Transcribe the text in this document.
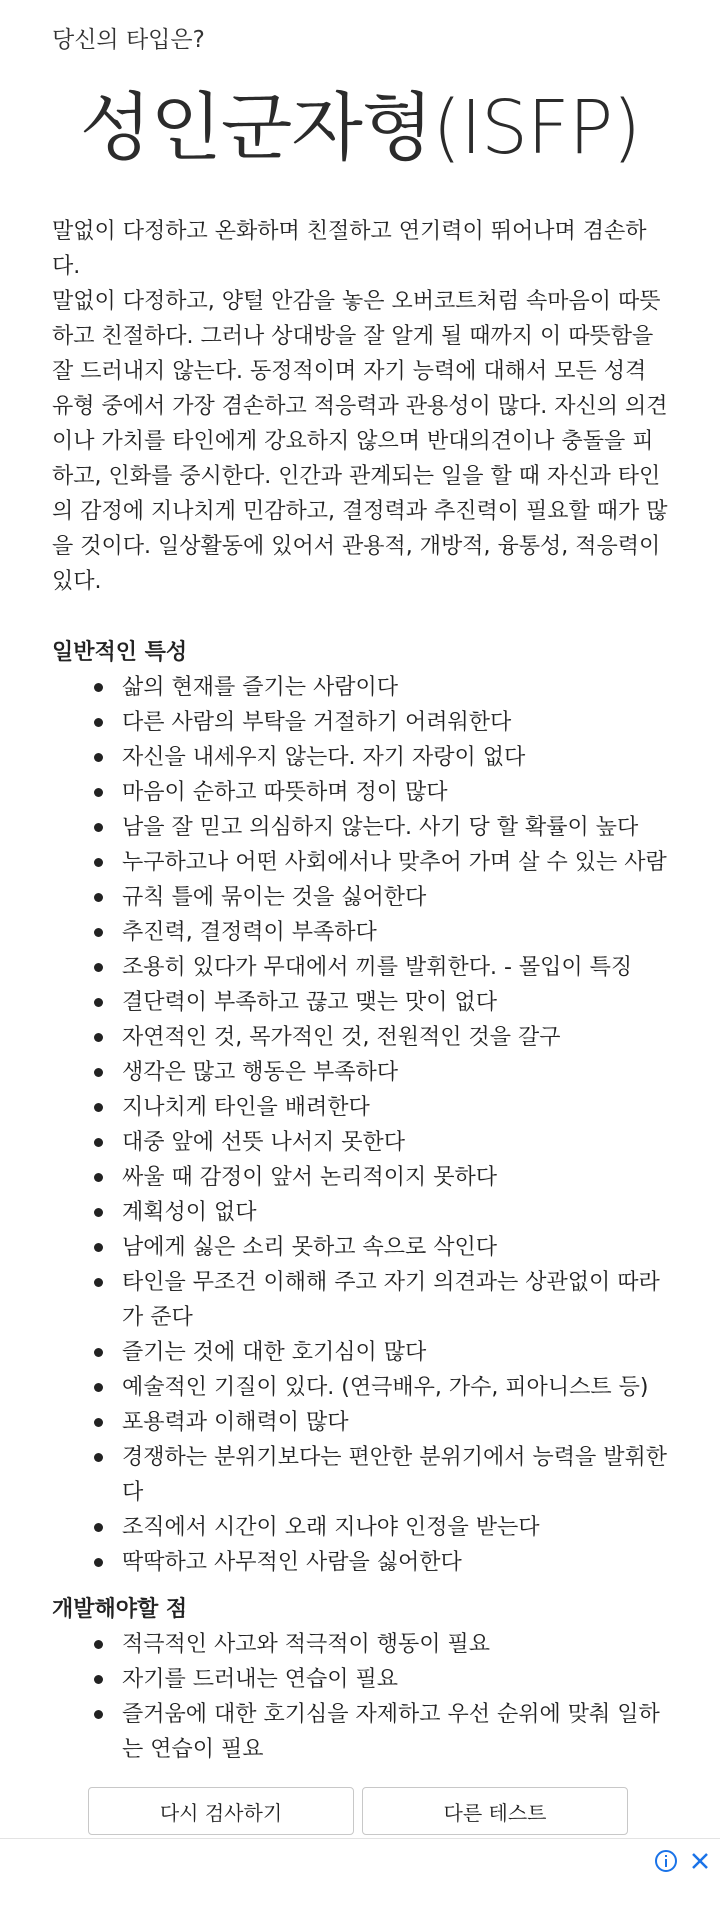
당신의 타입은?
성인군자형(ISFP)

말없이 다정하고 온화하며 친절하고 연기력이 뛰어나며 겸손하다.
말없이 다정하고, 양털 안감을 놓은 오버코트처럼 속마음이 따뜻하고 친절하다. 그러나 상대방을 잘 알게 될 때까지 이 따뜻함을 잘 드러내지 않는다. 동정적이며 자기 능력에 대해서 모든 성격 유형 중에서 가장 겸손하고 적응력과 관용성이 많다. 자신의 의견이나 가치를 타인에게 강요하지 않으며 반대의견이나 충돌을 피하고, 인화를 중시한다. 인간과 관계되는 일을 할 때 자신과 타인의 감정에 지나치게 민감하고, 결정력과 추진력이 필요할 때가 많을 것이다. 일상활동에 있어서 관용적, 개방적, 융통성, 적응력이 있다.

일반적인 특성
삶의 현재를 즐기는 사람이다
다른 사람의 부탁을 거절하기 어려워한다
자신을 내세우지 않는다. 자기 자랑이 없다
마음이 순하고 따뜻하며 정이 많다
남을 잘 믿고 의심하지 않는다. 사기 당 할 확률이 높다
누구하고나 어떤 사회에서나 맞추어 가며 살 수 있는 사람
규칙 틀에 묶이는 것을 싫어한다
추진력, 결정력이 부족하다
조용히 있다가 무대에서 끼를 발휘한다. - 몰입이 특징
결단력이 부족하고 끊고 맺는 맛이 없다
자연적인 것, 목가적인 것, 전원적인 것을 갈구
생각은 많고 행동은 부족하다
지나치게 타인을 배려한다
대중 앞에 선뜻 나서지 못한다
싸울 때 감정이 앞서 논리적이지 못하다
계획성이 없다
남에게 싫은 소리 못하고 속으로 삭인다
타인을 무조건 이해해 주고 자기 의견과는 상관없이 따라가 준다
즐기는 것에 대한 호기심이 많다
예술적인 기질이 있다. (연극배우, 가수, 피아니스트 등)
포용력과 이해력이 많다
경쟁하는 분위기보다는 편안한 분위기에서 능력을 발휘한다
조직에서 시간이 오래 지나야 인정을 받는다
딱딱하고 사무적인 사람을 싫어한다
개발해야할 점
적극적인 사고와 적극적이 행동이 필요
자기를 드러내는 연습이 필요
즐거움에 대한 호기심을 자제하고 우선 순위에 맞춰 일하는 연습이 필요
다시 검사하기	다른 테스트
